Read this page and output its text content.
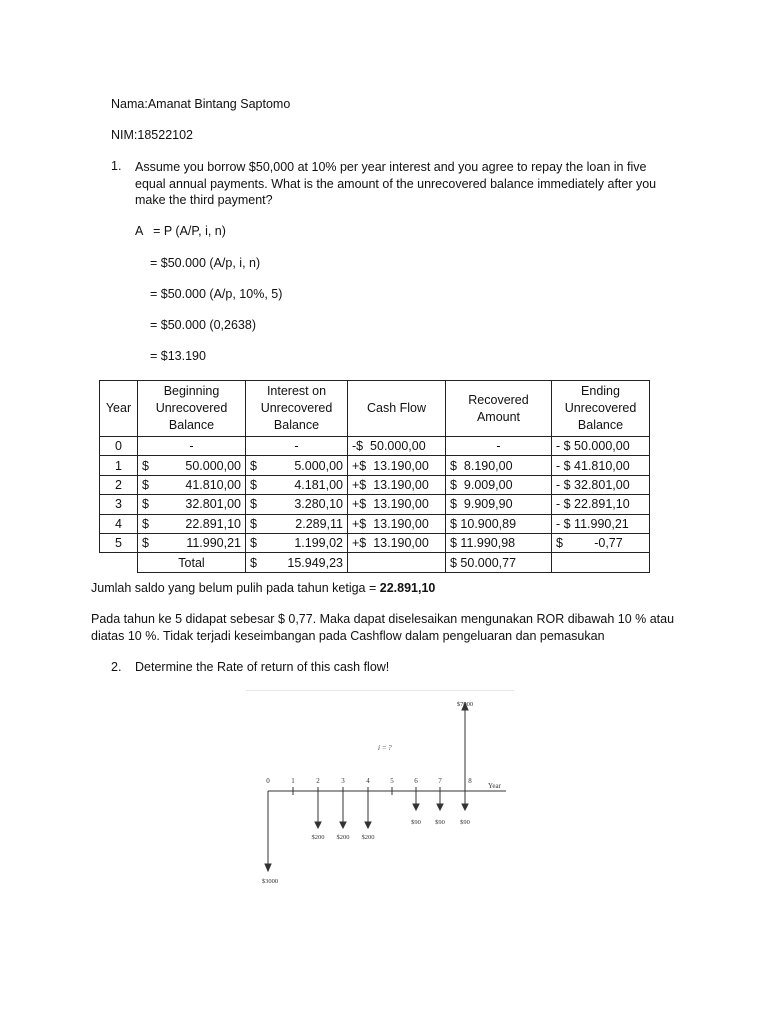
Nama:Amanat Bintang Saptomo
NIM:18522102
1. Assume you borrow $50,000 at 10% per year interest and you agree to repay the loan in five equal annual payments. What is the amount of the unrecovered balance immediately after you make the third payment?
A   = P (A/P, i, n)
= $50.000 (A/p, i, n)
= $50.000 (A/p, 10%, 5)
= $50.000 (0,2638)
= $13.190
Year	Beginning Unrecovered Balance	Interest on Unrecovered Balance	Cash Flow	Recovered Amount	Ending Unrecovered Balance
0	-	-	-$  50.000,00	-	- $ 50.000,00
1	$ 50.000,00	$ 5.000,00	+$  13.190,00	$  8.190,00	- $ 41.810,00
2	$ 41.810,00	$ 4.181,00	+$  13.190,00	$  9.009,00	- $ 32.801,00
3	$ 32.801,00	$ 3.280,10	+$  13.190,00	$  9.909,90	- $ 22.891,10
4	$ 22.891,10	$ 2.289,11	+$  13.190,00	$ 10.900,89	- $ 11.990,21
5	$ 11.990,21	$ 1.199,02	+$  13.190,00	$ 11.990,98	$         -0,77
	Total	$ 15.949,23		$ 50.000,77	
Jumlah saldo yang belum pulih pada tahun ketiga = 22.891,10
Pada tahun ke 5 didapat sebesar $ 0,77. Maka dapat diselesaikan mengunakan ROR dibawah 10 % atau diatas 10 %. Tidak terjadi keseimbangan pada Cashflow dalam pengeluaran dan pemasukan
2. Determine the Rate of return of this cash flow!
0	1	2	3	4	5	6	7	8
Year
i = ?
$7000
$3000
$200 $200 $200
$90 $90 $90
